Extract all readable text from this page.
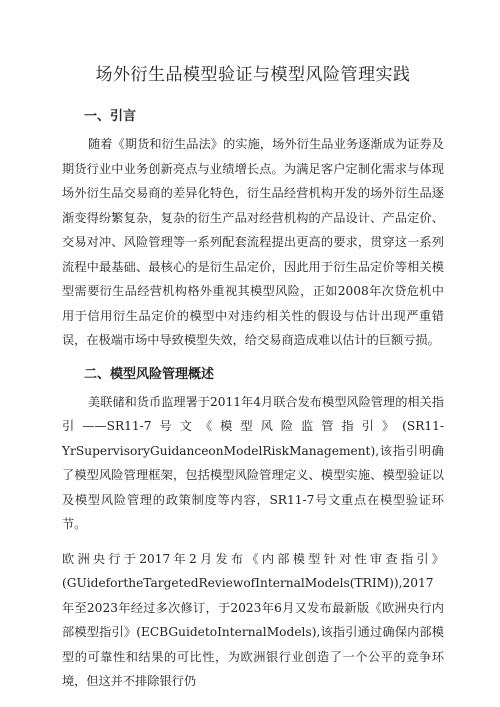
场外衍生品模型验证与模型风险管理实践
一、引言

随着《期货和衍生品法》的实施，场外衍生品业务逐渐成为证券及期货行业中业务创新亮点与业绩增长点。为满足客户定制化需求与体现场外衍生品交易商的差异化特色，衍生品经营机构开发的场外衍生品逐渐变得纷繁复杂，复杂的衍生产品对经营机构的产品设计、产品定价、交易对冲、风险管理等一系列配套流程提出更高的要求，贯穿这一系列流程中最基础、最核心的是衍生品定价，因此用于衍生品定价等相关模型需要衍生品经营机构格外重视其模型风险，正如2008年次贷危机中用于信用衍生品定价的模型中对违约相关性的假设与估计出现严重错误，在极端市场中导致模型失效，给交易商造成难以估计的巨额亏损。

二、模型风险管理概述

美联储和货币监理署于2011年4月联合发布模型风险管理的相关指引——SR11-7号文《模型风险监管指引》(SR11-YrSupervisoryGuidanceonModelRiskManagement),该指引明确了模型风险管理框架，包括模型风险管理定义、模型实施、模型验证以及模型风险管理的政策制度等内容，SR11-7号文重点在模型验证环节。

欧洲央行于2017年2月发布《内部模型针对性审查指引》(GUidefortheTargetedReviewofInternalModels(TRIM)),2017年至2023年经过多次修订，于2023年6月又发布最新版《欧洲央行内部模型指引》(ECBGuidetoInternalModels),该指引通过确保内部模型的可靠性和结果的可比性，为欧洲银行业创造了一个公平的竞争环境，但这并不排除银行仍
